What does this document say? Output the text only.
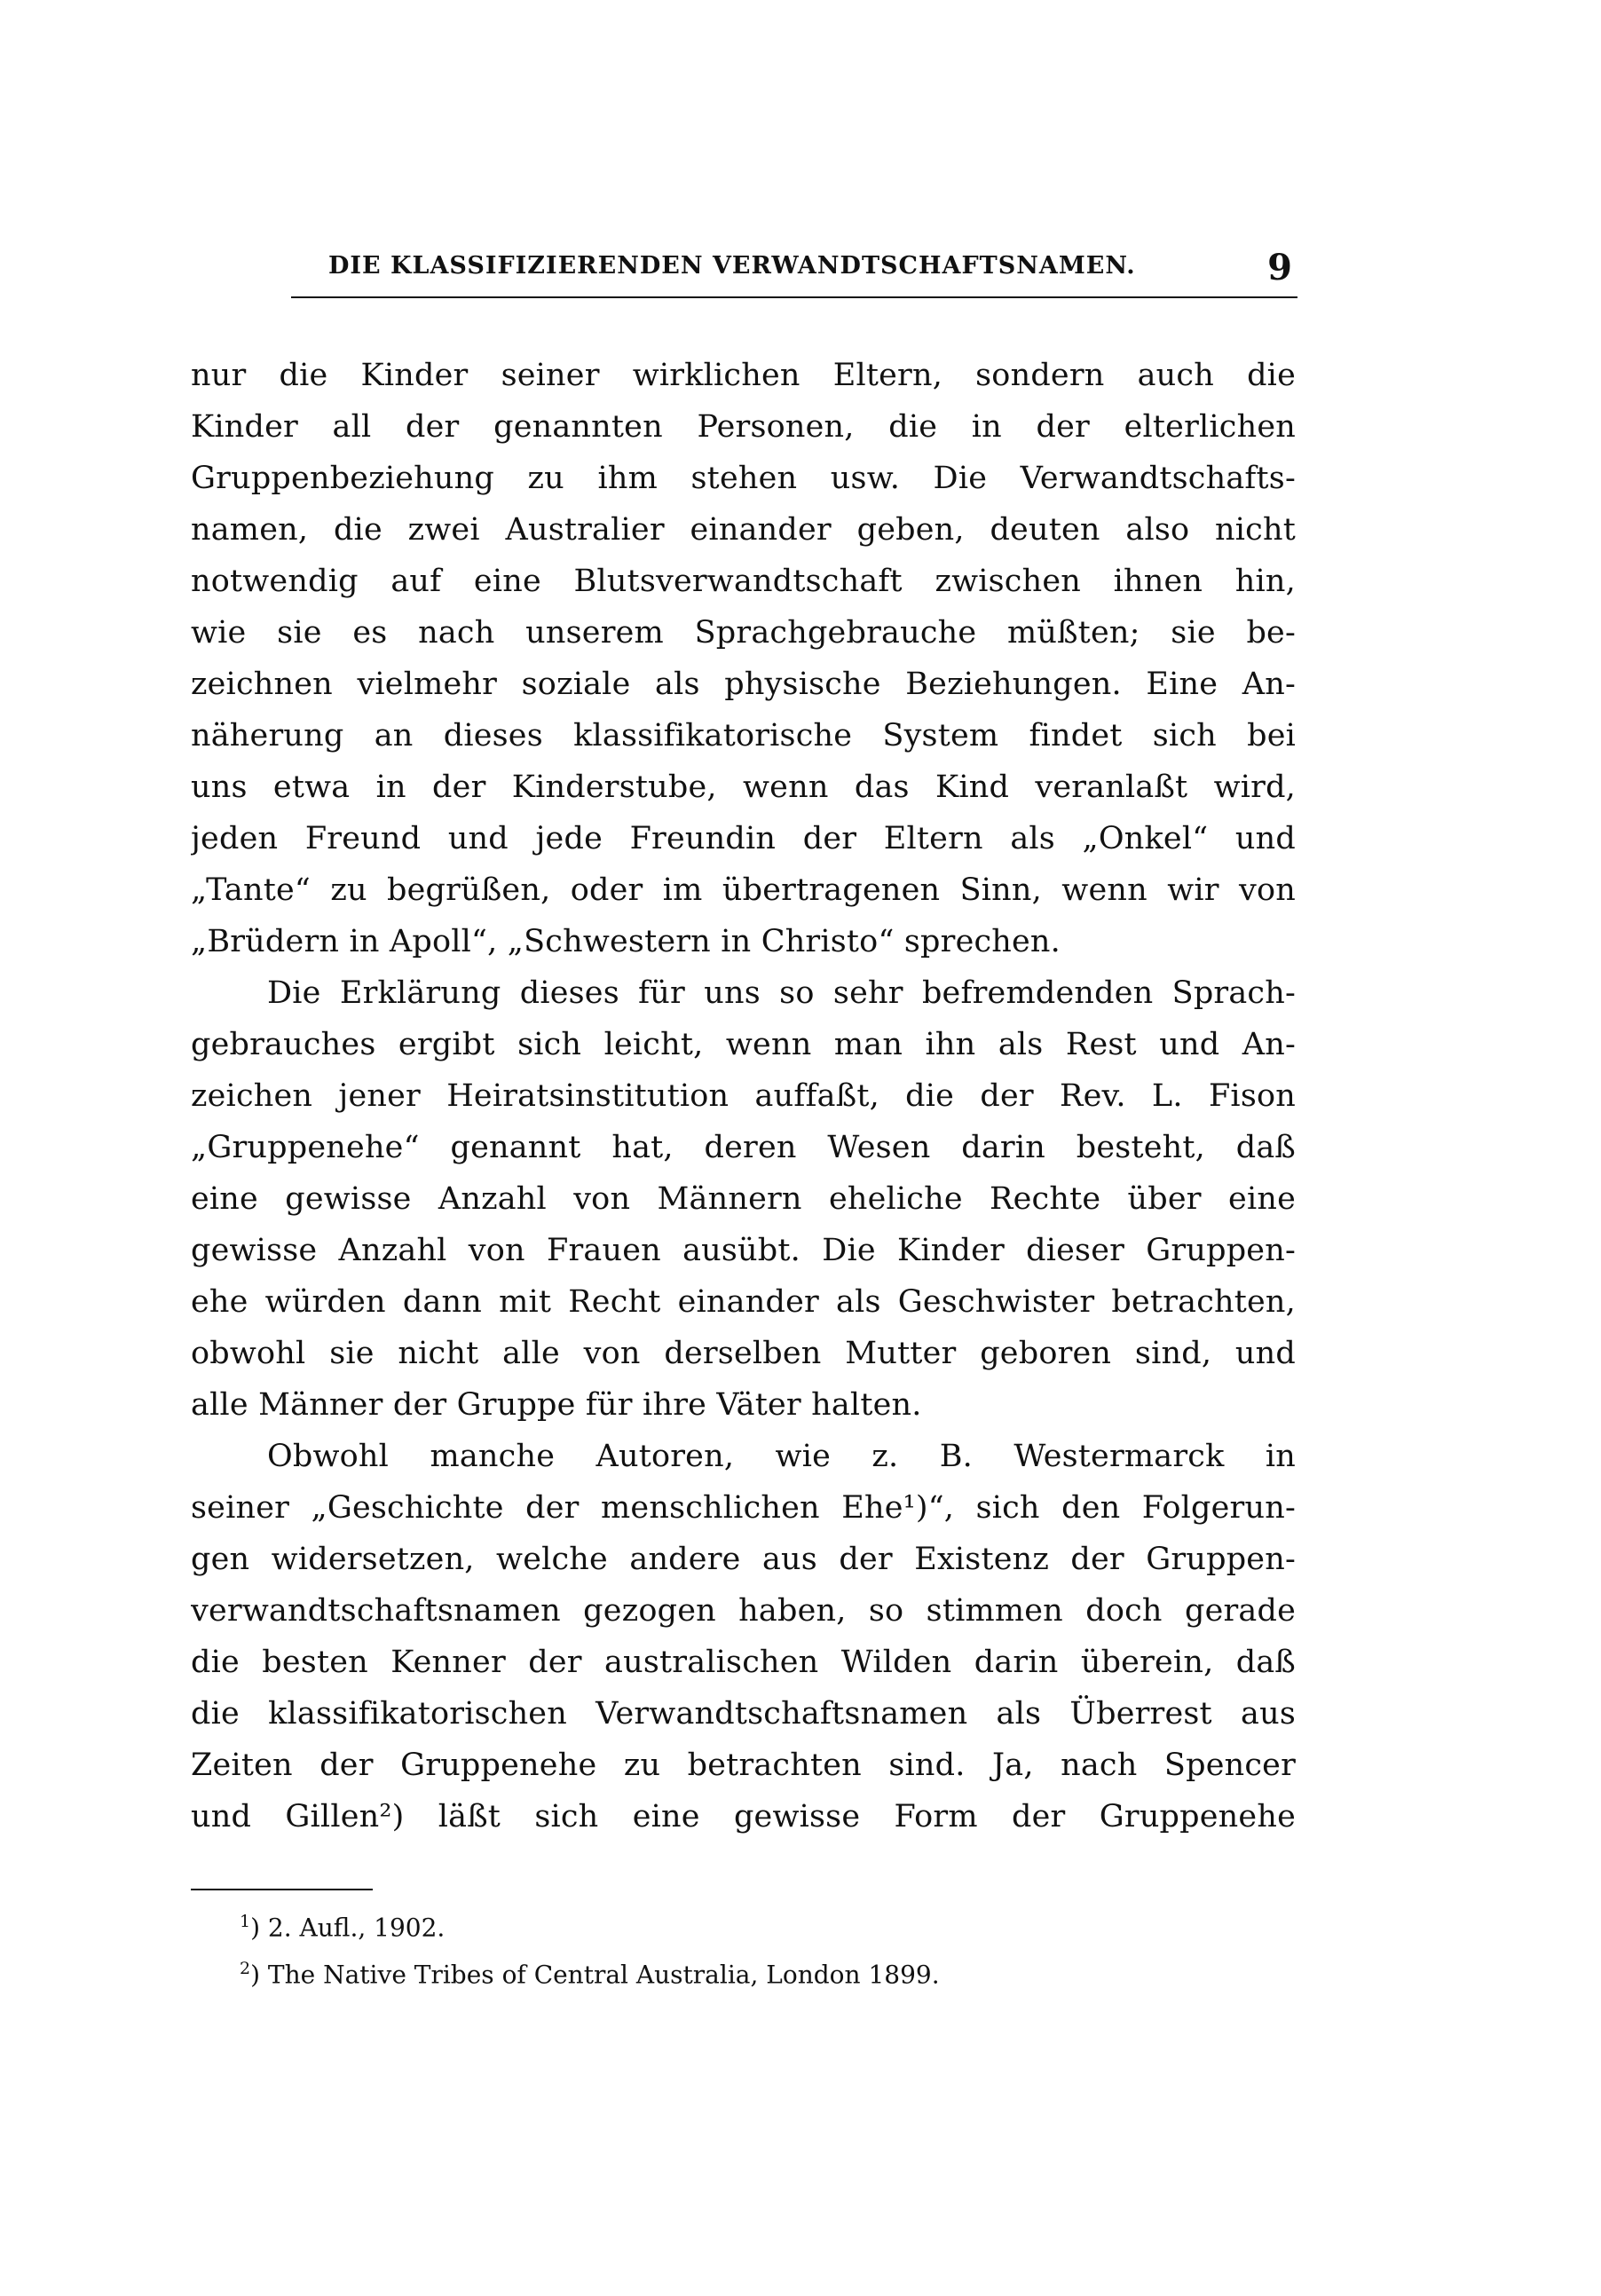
DIE KLASSIFIZIERENDEN VERWANDTSCHAFTSNAMEN.	9
nur die Kinder seiner wirklichen Eltern, sondern auch die
Kinder all der genannten Personen, die in der elterlichen
Gruppenbeziehung zu ihm stehen usw. Die Verwandtschafts-
namen, die zwei Australier einander geben, deuten also nicht
notwendig auf eine Blutsverwandtschaft zwischen ihnen hin,
wie sie es nach unserem Sprachgebrauche müßten; sie be-
zeichnen vielmehr soziale als physische Beziehungen. Eine An-
näherung an dieses klassifikatorische System findet sich bei
uns etwa in der Kinderstube, wenn das Kind veranlaßt wird,
jeden Freund und jede Freundin der Eltern als „Onkel“ und
„Tante“ zu begrüßen, oder im übertragenen Sinn, wenn wir von
„Brüdern in Apoll“, „Schwestern in Christo“ sprechen.
Die Erklärung dieses für uns so sehr befremdenden Sprach-
gebrauches ergibt sich leicht, wenn man ihn als Rest und An-
zeichen jener Heiratsinstitution auffaßt, die der Rev. L. Fison
„Gruppenehe“ genannt hat, deren Wesen darin besteht, daß
eine gewisse Anzahl von Männern eheliche Rechte über eine
gewisse Anzahl von Frauen ausübt. Die Kinder dieser Gruppen-
ehe würden dann mit Recht einander als Geschwister betrachten,
obwohl sie nicht alle von derselben Mutter geboren sind, und
alle Männer der Gruppe für ihre Väter halten.
Obwohl manche Autoren, wie z. B. Westermarck in
seiner „Geschichte der menschlichen Ehe¹)“, sich den Folgerun-
gen widersetzen, welche andere aus der Existenz der Gruppen-
verwandtschaftsnamen gezogen haben, so stimmen doch gerade
die besten Kenner der australischen Wilden darin überein, daß
die klassifikatorischen Verwandtschaftsnamen als Überrest aus
Zeiten der Gruppenehe zu betrachten sind. Ja, nach Spencer
und Gillen²) läßt sich eine gewisse Form der Gruppenehe
$^1$) 2. Aufl., 1902.
$^2$) The Native Tribes of Central Australia, London 1899.
